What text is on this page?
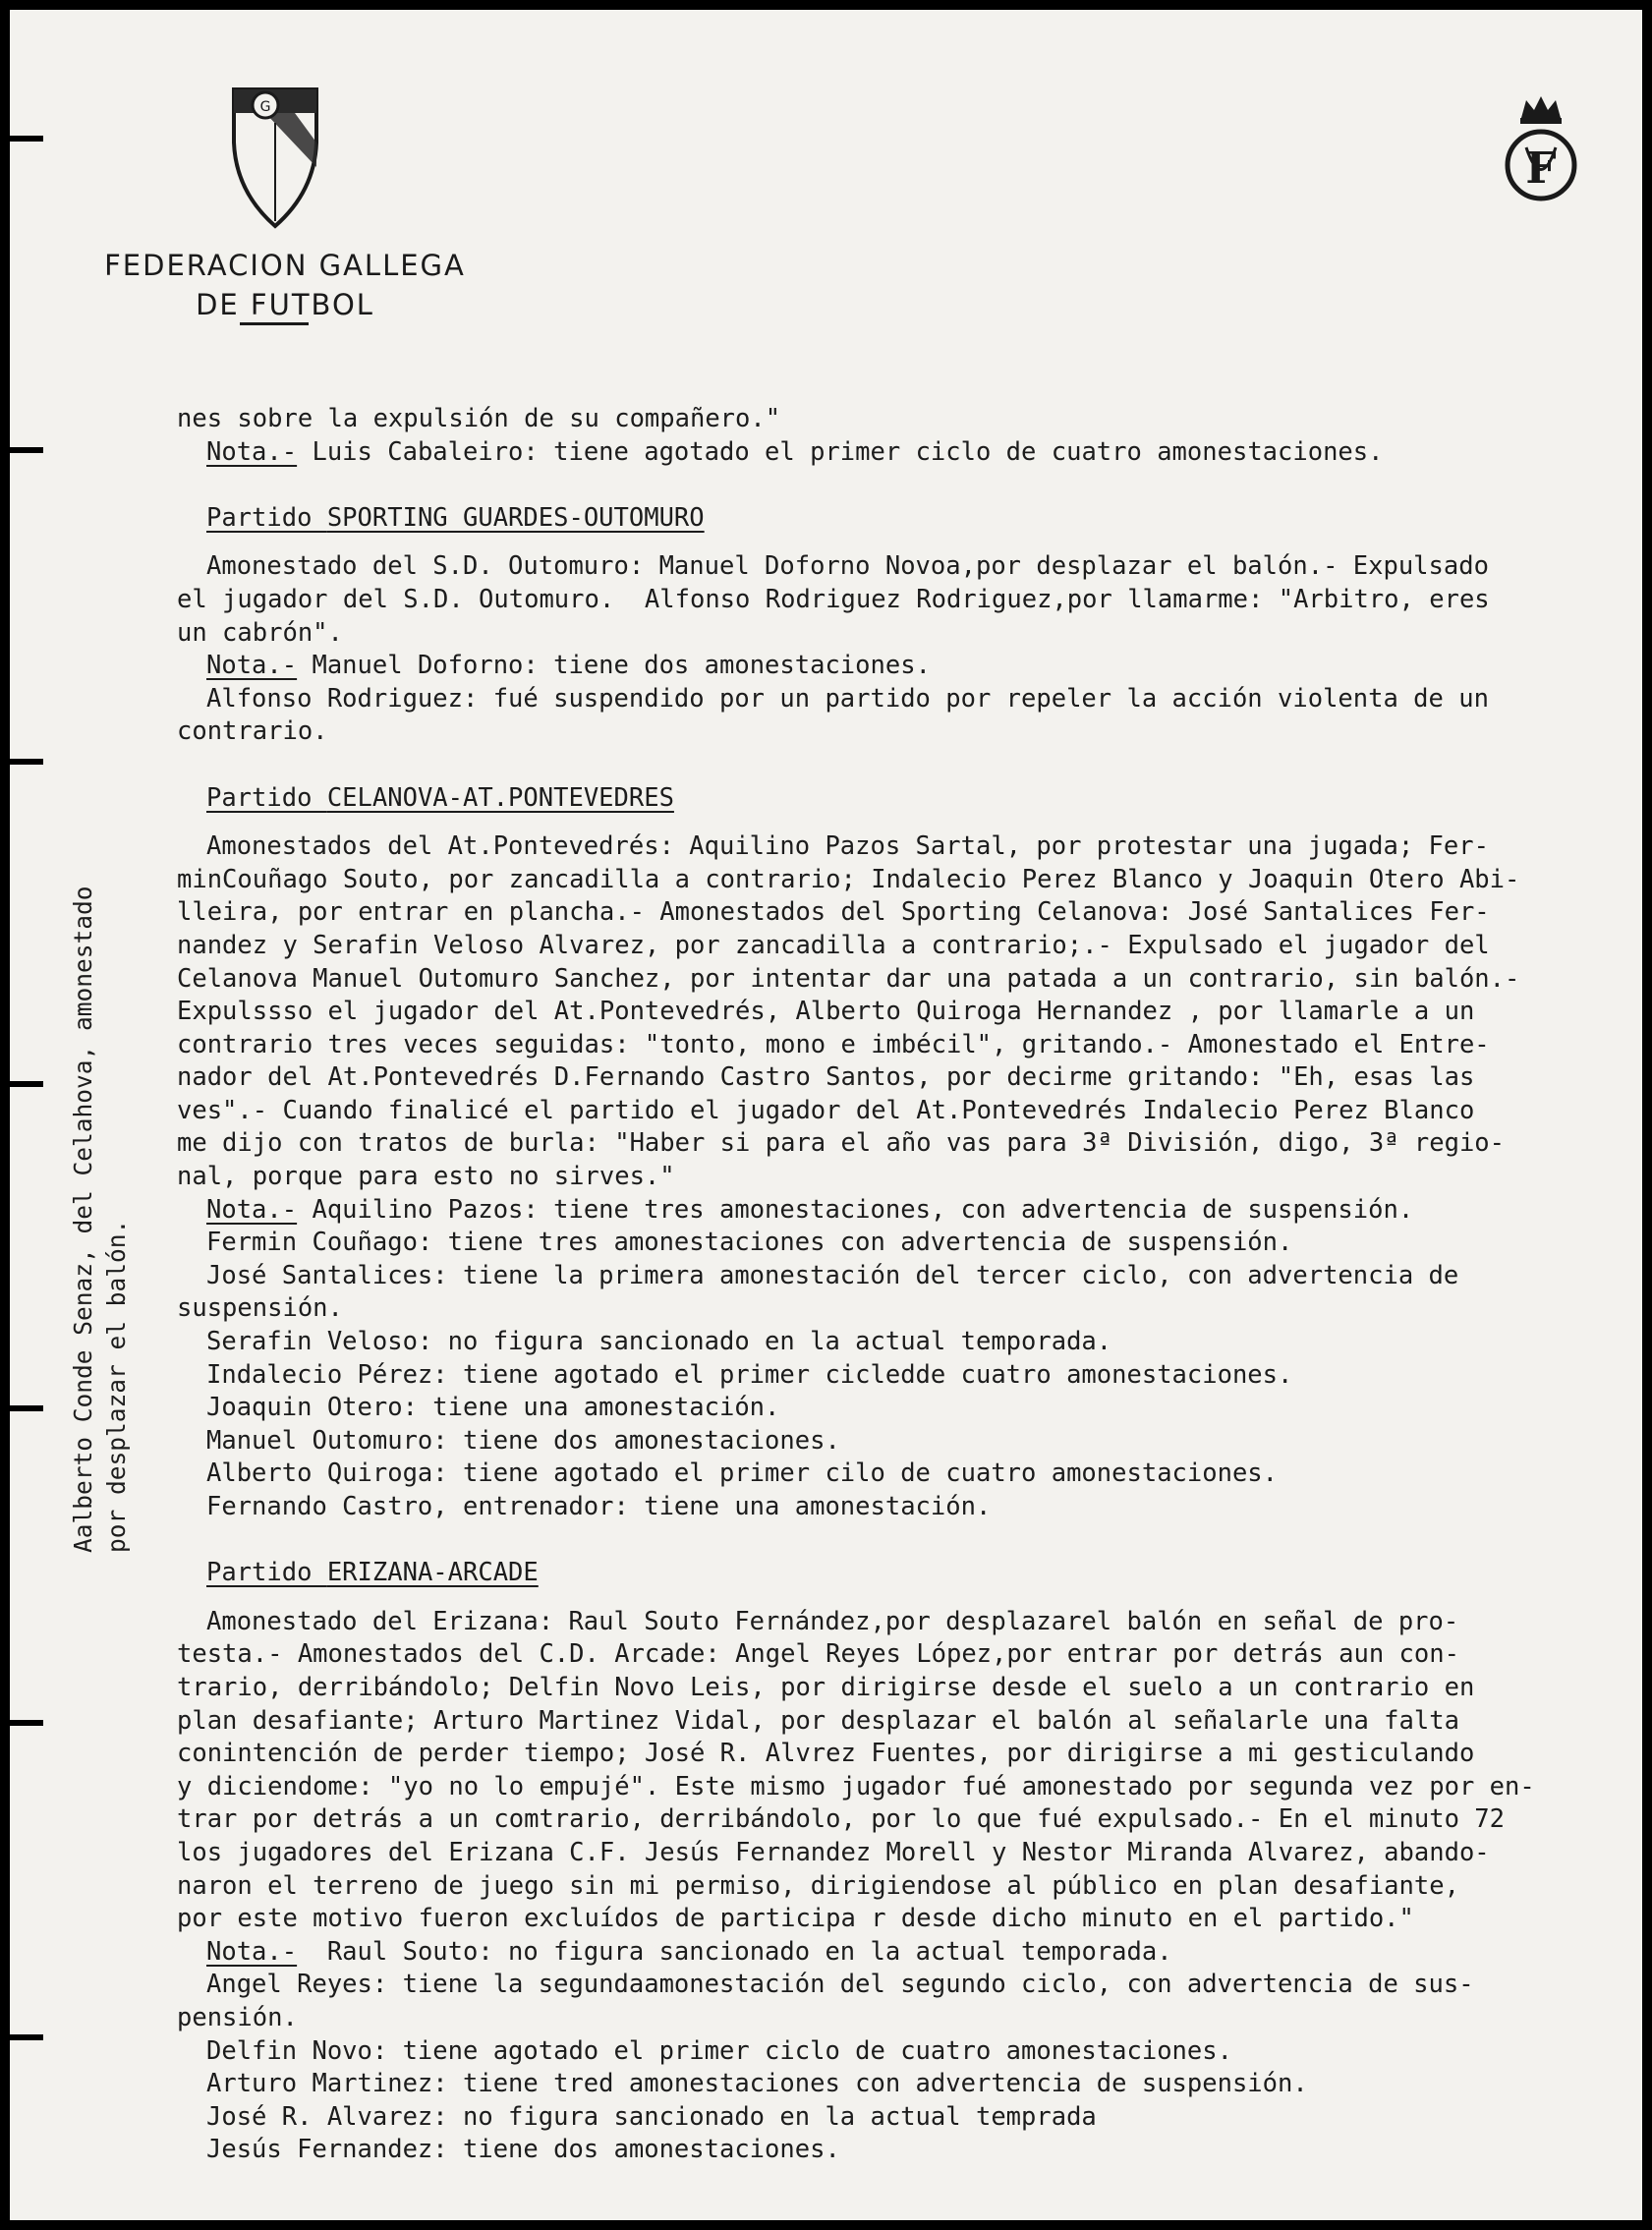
G
F
FEDERACION GALLEGA
DE FUTBOL
Aalberto Conde Senaz, del Celahova, amonestado por desplazar el balón.
nes sobre la expulsión de su compañero."
Nota.- Luis Cabaleiro: tiene agotado el primer ciclo de cuatro amonestaciones.
Partido SPORTING GUARDES-OUTOMURO
Amonestado del S.D. Outomuro: Manuel Doforno Novoa,por desplazar el balón.- Expulsado
el jugador del S.D. Outomuro.  Alfonso Rodriguez Rodriguez,por llamarme: "Arbitro, eres
un cabrón".
Nota.- Manuel Doforno: tiene dos amonestaciones.
Alfonso Rodriguez: fué suspendido por un partido por repeler la acción violenta de un
contrario.
Partido CELANOVA-AT.PONTEVEDRES
Amonestados del At.Pontevedrés: Aquilino Pazos Sartal, por protestar una jugada; Fer-
minCouñago Souto, por zancadilla a contrario; Indalecio Perez Blanco y Joaquin Otero Abi-
lleira, por entrar en plancha.- Amonestados del Sporting Celanova: José Santalices Fer-
nandez y Serafin Veloso Alvarez, por zancadilla a contrario;.- Expulsado el jugador del
Celanova Manuel Outomuro Sanchez, por intentar dar una patada a un contrario, sin balón.-
Expulssso el jugador del At.Pontevedrés, Alberto Quiroga Hernandez , por llamarle a un
contrario tres veces seguidas: "tonto, mono e imbécil", gritando.- Amonestado el Entre-
nador del At.Pontevedrés D.Fernando Castro Santos, por decirme gritando: "Eh, esas las
ves".- Cuando finalicé el partido el jugador del At.Pontevedrés Indalecio Perez Blanco
me dijo con tratos de burla: "Haber si para el año vas para 3ª División, digo, 3ª regio-
nal, porque para esto no sirves."
Nota.- Aquilino Pazos: tiene tres amonestaciones, con advertencia de suspensión.
Fermin Couñago: tiene tres amonestaciones con advertencia de suspensión.
José Santalices: tiene la primera amonestación del tercer ciclo, con advertencia de
suspensión.
Serafin Veloso: no figura sancionado en la actual temporada.
Indalecio Pérez: tiene agotado el primer cicledde cuatro amonestaciones.
Joaquin Otero: tiene una amonestación.
Manuel Outomuro: tiene dos amonestaciones.
Alberto Quiroga: tiene agotado el primer cilo de cuatro amonestaciones.
Fernando Castro, entrenador: tiene una amonestación.
Partido ERIZANA-ARCADE
Amonestado del Erizana: Raul Souto Fernández,por desplazarel balón en señal de pro-
testa.- Amonestados del C.D. Arcade: Angel Reyes López,por entrar por detrás aun con-
trario, derribándolo; Delfin Novo Leis, por dirigirse desde el suelo a un contrario en
plan desafiante; Arturo Martinez Vidal, por desplazar el balón al señalarle una falta
conintención de perder tiempo; José R. Alvrez Fuentes, por dirigirse a mi gesticulando
y diciendome: "yo no lo empujé". Este mismo jugador fué amonestado por segunda vez por en-
trar por detrás a un comtrario, derribándolo, por lo que fué expulsado.- En el minuto 72
los jugadores del Erizana C.F. Jesús Fernandez Morell y Nestor Miranda Alvarez, abando-
naron el terreno de juego sin mi permiso, dirigiendose al público en plan desafiante,
por este motivo fueron excluídos de participa r desde dicho minuto en el partido."
Nota.-  Raul Souto: no figura sancionado en la actual temporada.
Angel Reyes: tiene la segundaamonestación del segundo ciclo, con advertencia de sus-
pensión.
Delfin Novo: tiene agotado el primer ciclo de cuatro amonestaciones.
Arturo Martinez: tiene tred amonestaciones con advertencia de suspensión.
José R. Alvarez: no figura sancionado en la actual temprada
Jesús Fernandez: tiene dos amonestaciones.
